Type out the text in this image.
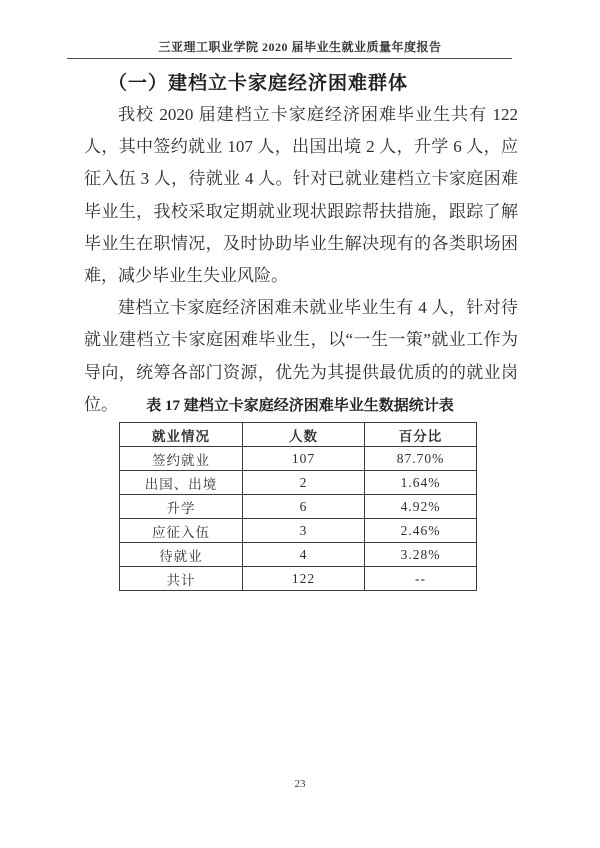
三亚理工职业学院 2020 届毕业生就业质量年度报告
（一）建档立卡家庭经济困难群体

我校 2020 届建档立卡家庭经济困难毕业生共有 122 人，其中签约就业 107 人，出国出境 2 人，升学 6 人，应征入伍 3 人，待就业 4 人。针对已就业建档立卡家庭困难毕业生，我校采取定期就业现状跟踪帮扶措施，跟踪了解毕业生在职情况，及时协助毕业生解决现有的各类职场困难，减少毕业生失业风险。

建档立卡家庭经济困难未就业毕业生有 4 人，针对待就业建档立卡家庭困难毕业生，以“一生一策”就业工作为导向，统筹各部门资源，优先为其提供最优质的的就业岗位。	表 17 建档立卡家庭经济困难毕业生数据统计表
就业情况	人数	百分比
签约就业	107	87.70%
出国、出境	2	1.64%
升学	6	4.92%
应征入伍	3	2.46%
待就业	4	3.28%
共计	122	--
23
